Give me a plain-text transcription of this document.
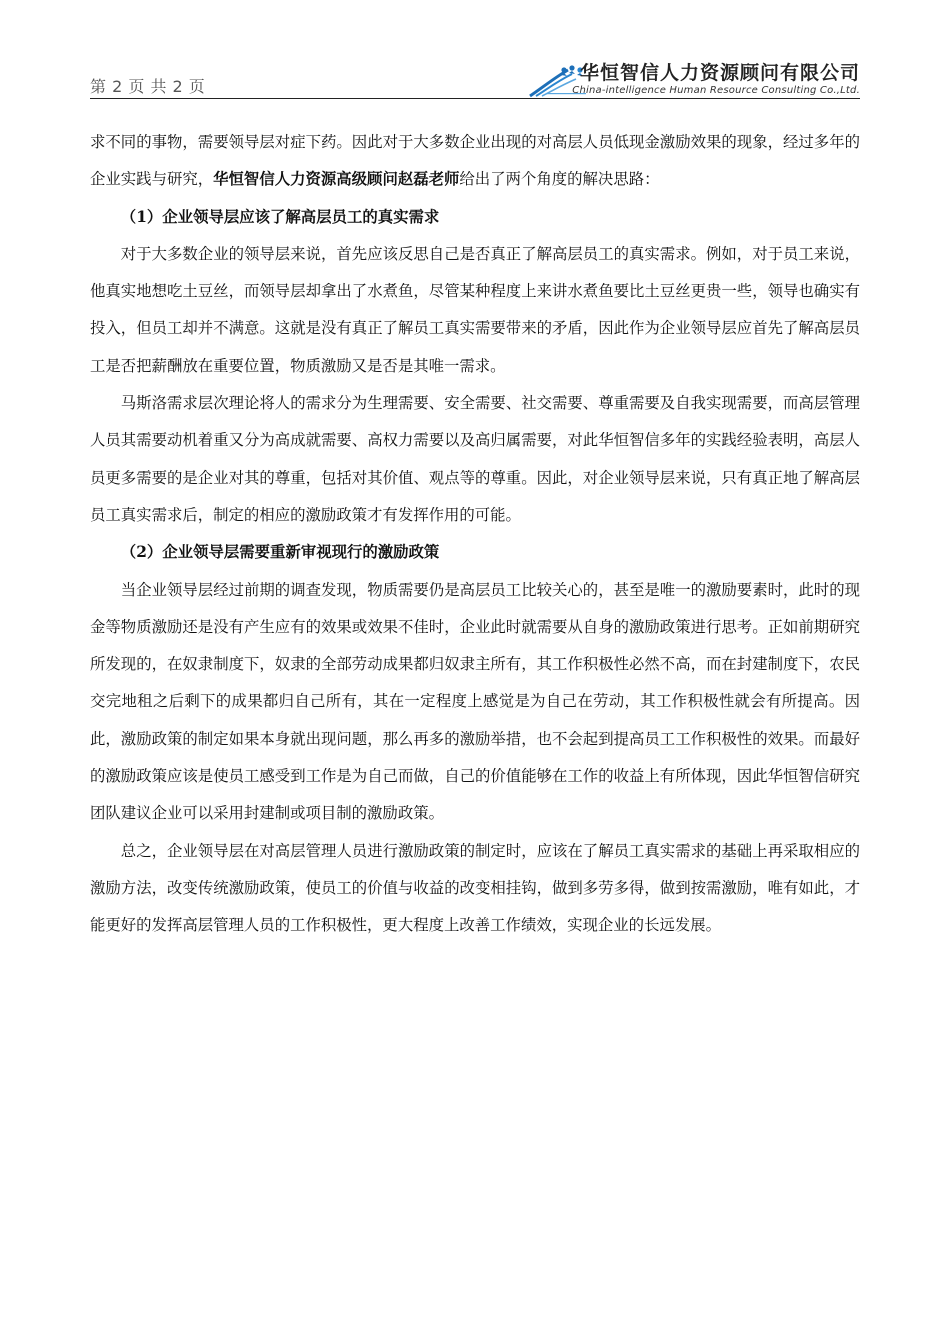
第 2 页 共 2 页
华恒智信人力资源顾问有限公司
China-intelligence Human Resource Consulting Co.,Ltd.

求不同的事物，需要领导层对症下药。因此对于大多数企业出现的对高层人员低现金激励效果的现象，经过多年的企业实践与研究，华恒智信人力资源高级顾问赵磊老师给出了两个角度的解决思路：

（1）企业领导层应该了解高层员工的真实需求

对于大多数企业的领导层来说，首先应该反思自己是否真正了解高层员工的真实需求。例如，对于员工来说，他真实地想吃土豆丝，而领导层却拿出了水煮鱼，尽管某种程度上来讲水煮鱼要比土豆丝更贵一些，领导也确实有投入，但员工却并不满意。这就是没有真正了解员工真实需要带来的矛盾，因此作为企业领导层应首先了解高层员工是否把薪酬放在重要位置，物质激励又是否是其唯一需求。

马斯洛需求层次理论将人的需求分为生理需要、安全需要、社交需要、尊重需要及自我实现需要，而高层管理人员其需要动机着重又分为高成就需要、高权力需要以及高归属需要，对此华恒智信多年的实践经验表明，高层人员更多需要的是企业对其的尊重，包括对其价值、观点等的尊重。因此，对企业领导层来说，只有真正地了解高层员工真实需求后，制定的相应的激励政策才有发挥作用的可能。

（2）企业领导层需要重新审视现行的激励政策

当企业领导层经过前期的调查发现，物质需要仍是高层员工比较关心的，甚至是唯一的激励要素时，此时的现金等物质激励还是没有产生应有的效果或效果不佳时，企业此时就需要从自身的激励政策进行思考。正如前期研究所发现的，在奴隶制度下，奴隶的全部劳动成果都归奴隶主所有，其工作积极性必然不高，而在封建制度下，农民交完地租之后剩下的成果都归自己所有，其在一定程度上感觉是为自己在劳动，其工作积极性就会有所提高。因此，激励政策的制定如果本身就出现问题，那么再多的激励举措，也不会起到提高员工工作积极性的效果。而最好的激励政策应该是使员工感受到工作是为自己而做，自己的价值能够在工作的收益上有所体现，因此华恒智信研究团队建议企业可以采用封建制或项目制的激励政策。

总之，企业领导层在对高层管理人员进行激励政策的制定时，应该在了解员工真实需求的基础上再采取相应的激励方法，改变传统激励政策，使员工的价值与收益的改变相挂钩，做到多劳多得，做到按需激励，唯有如此，才能更好的发挥高层管理人员的工作积极性，更大程度上改善工作绩效，实现企业的长远发展。
